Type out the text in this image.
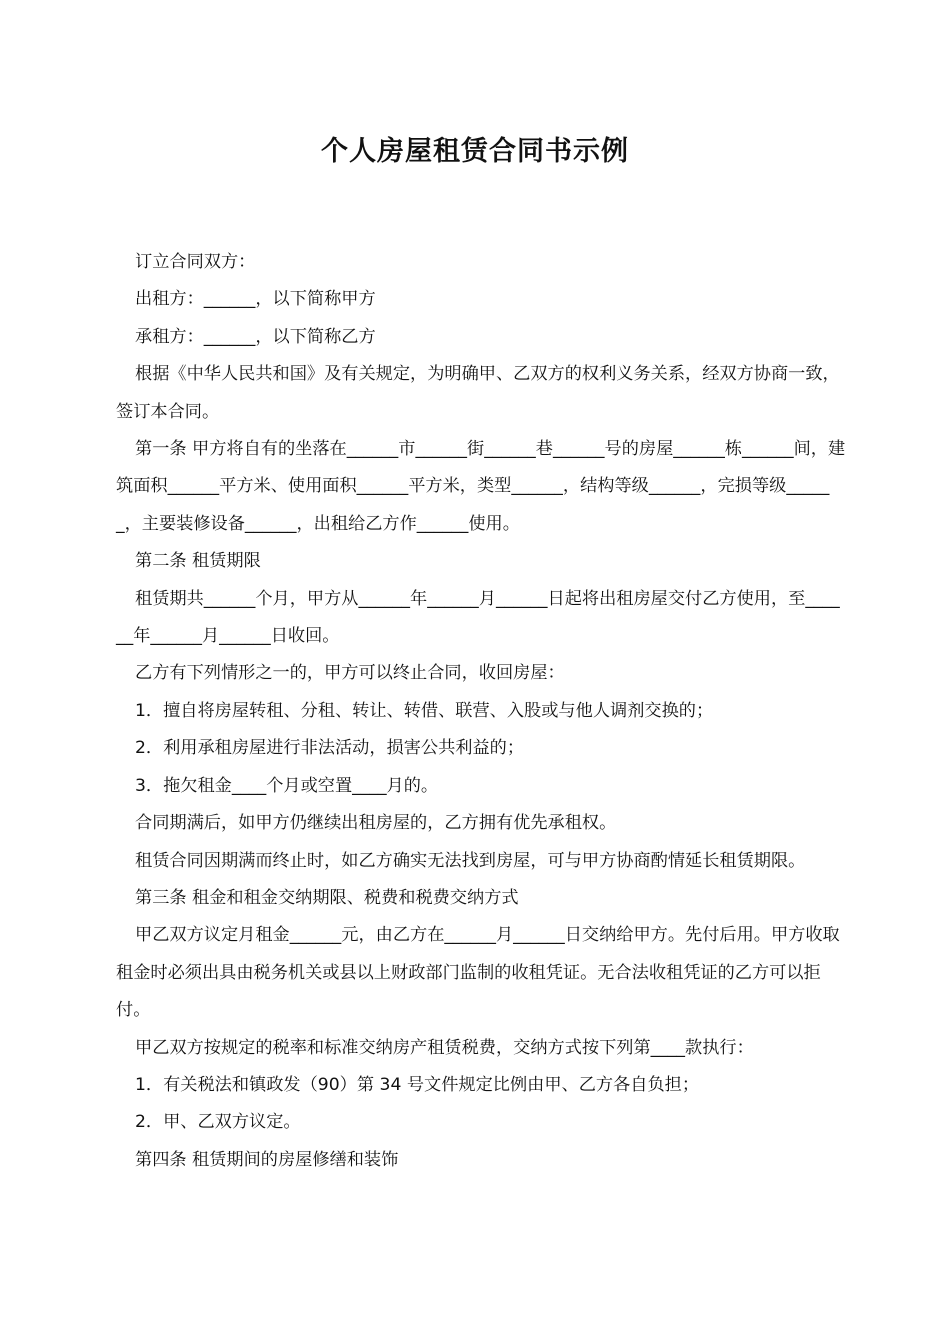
个人房屋租赁合同书示例

订立合同双方：

出租方：______，以下简称甲方

承租方：______，以下简称乙方

根据《中华人民共和国》及有关规定，为明确甲、乙双方的权利义务关系，经双方协商一致，签订本合同。

第一条 甲方将自有的坐落在______市______街______巷______号的房屋______栋______间，建筑面积______平方米、使用面积______平方米，类型______，结构等级______，完损等级______，主要装修设备______，出租给乙方作______使用。

第二条 租赁期限

租赁期共______个月，甲方从______年______月______日起将出租房屋交付乙方使用，至______年______月______日收回。

乙方有下列情形之一的，甲方可以终止合同，收回房屋：

1．擅自将房屋转租、分租、转让、转借、联营、入股或与他人调剂交换的；

2．利用承租房屋进行非法活动，损害公共利益的；

3．拖欠租金____个月或空置____月的。

合同期满后，如甲方仍继续出租房屋的，乙方拥有优先承租权。

租赁合同因期满而终止时，如乙方确实无法找到房屋，可与甲方协商酌情延长租赁期限。

第三条 租金和租金交纳期限、税费和税费交纳方式

甲乙双方议定月租金______元，由乙方在______月______日交纳给甲方。先付后用。甲方收取租金时必须出具由税务机关或县以上财政部门监制的收租凭证。无合法收租凭证的乙方可以拒付。

甲乙双方按规定的税率和标准交纳房产租赁税费，交纳方式按下列第____款执行：

1．有关税法和镇政发（90）第 34 号文件规定比例由甲、乙方各自负担；

2．甲、乙双方议定。

第四条 租赁期间的房屋修缮和装饰
